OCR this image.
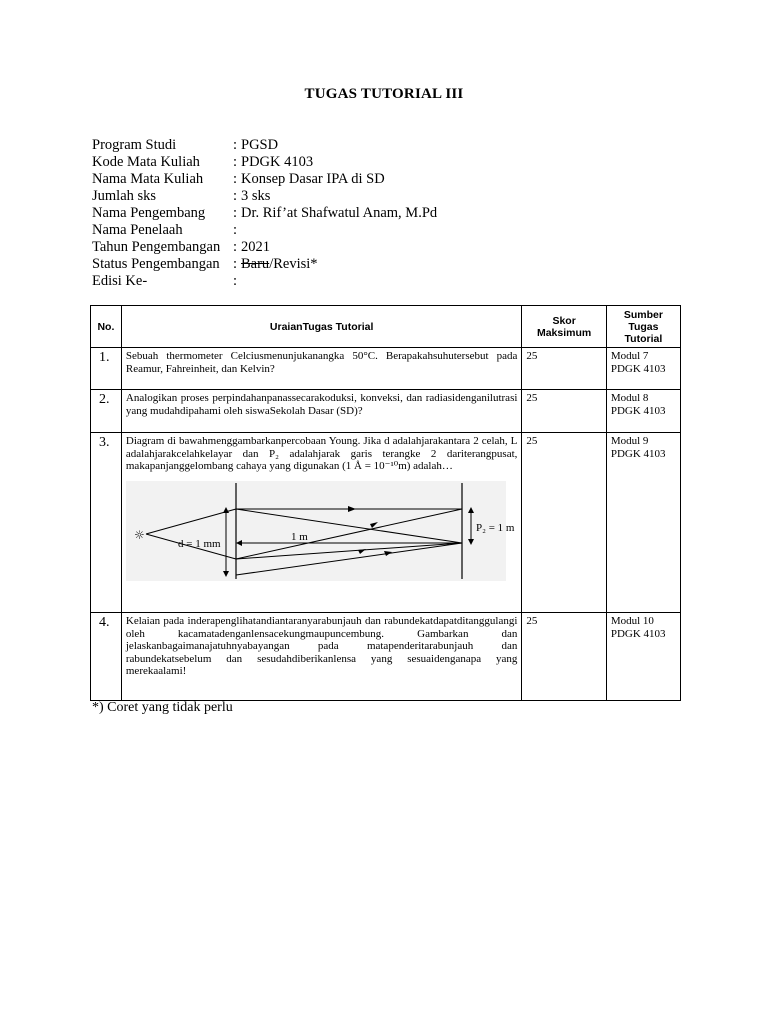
TUGAS TUTORIAL III
Program Studi	: PGSD
Kode Mata Kuliah	: PDGK 4103
Nama Mata Kuliah	: Konsep Dasar IPA di SD
Jumlah sks	: 3 sks
Nama Pengembang	: Dr. Rif’at Shafwatul Anam, M.Pd
Nama Penelaah	:
Tahun Pengembangan : 2021
Status Pengembangan : Baru/Revisi*
Edisi Ke-	:
No.	UraianTugas Tutorial	Skor Maksimum	Sumber Tugas Tutorial
1.	Sebuah thermometer Celciusmenunjukanangka 50°C. Berapakahsuhutersebut pada Reamur, Fahreinheit, dan Kelvin?	25	Modul 7 PDGK 4103
2.	Analogikan proses perpindahanpanassecarakoduksi, konveksi, dan radiasidenganilutrasi yang mudahdipahami oleh siswaSekolah Dasar (SD)?	25	Modul 8 PDGK 4103
3.	Diagram di bawahmenggambarkanpercobaan Young. Jika d adalahjarakantara 2 celah, L adalahjarakcelahkelayar dan P₂ adalahjarak garis terangke 2 dariterangpusat, makapanjanggelombang cahaya yang digunakan (1 Å = 10⁻¹⁰m) adalah…
☼
d = 1 mm
1 m
P₂ = 1 m	25	Modul 9 PDGK 4103
4.	Kelaian pada inderapenglihatandiantaranyarabunjauh dan rabundekatdapatditanggulangi oleh kacamatadenganlensacekungmaupuncembung. Gambarkan dan jelaskanbagaimanajatuhnyabayangan pada matapenderitarabunjauh dan rabundekatsebelum dan sesudahdiberikanlensa yang sesuaidenganapa yang merekaalami!	25	Modul 10 PDGK 4103
*) Coret yang tidak perlu
